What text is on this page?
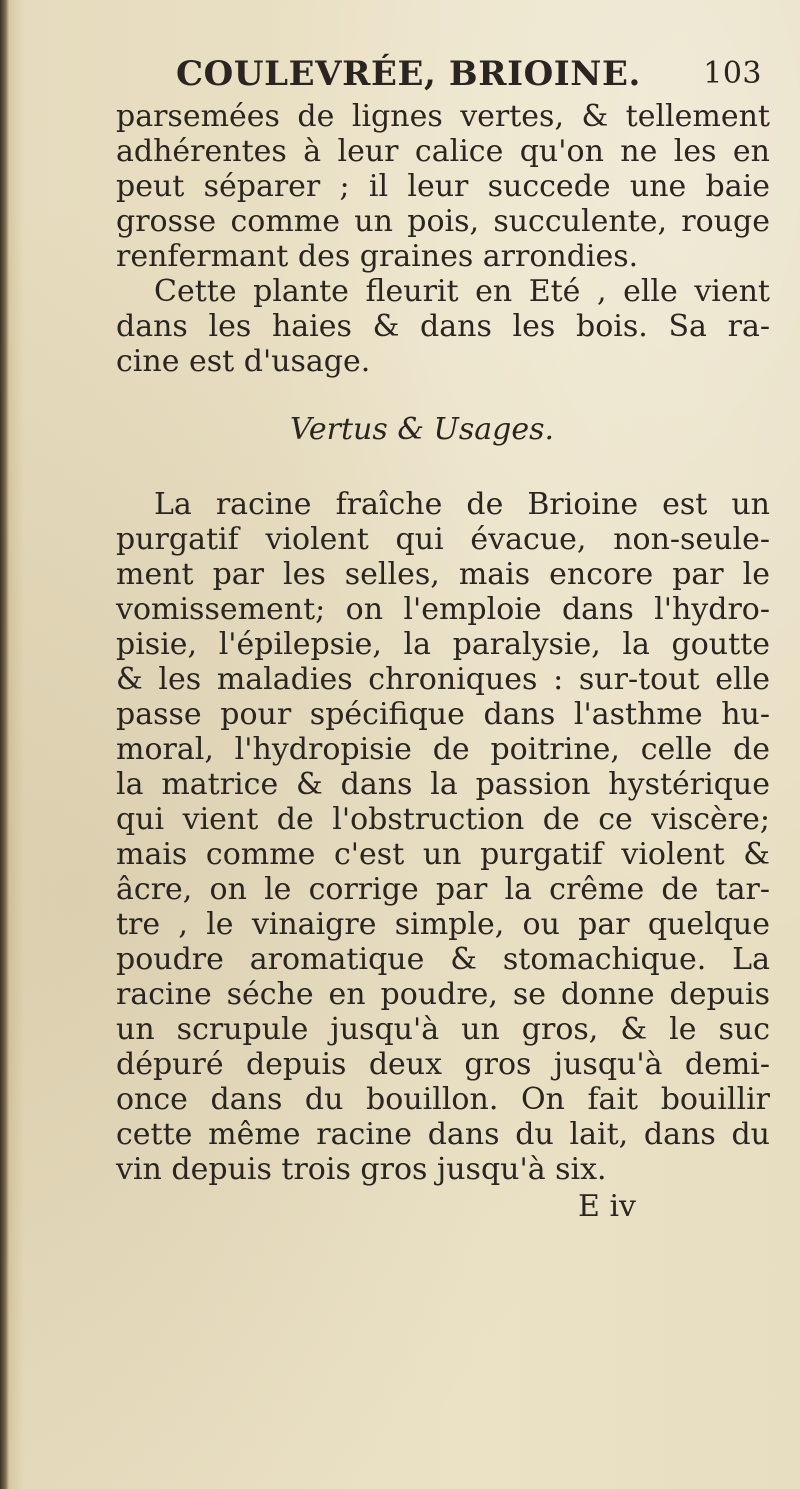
COULEVRÉE, BRIOINE. 103
parsemées de lignes vertes, & tellement
adhérentes à leur calice qu'on ne les en
peut séparer ; il leur succede une baie
grosse comme un pois, succulente, rouge
renfermant des graines arrondies.
Cette plante fleurit en Eté , elle vient
dans les haies & dans les bois. Sa ra-
cine est d'usage.
Vertus & Usages.
La racine fraîche de Brioine est un
purgatif violent qui évacue, non-seule-
ment par les selles, mais encore par le
vomissement; on l'emploie dans l'hydro-
pisie, l'épilepsie, la paralysie, la goutte
& les maladies chroniques : sur-tout elle
passe pour spécifique dans l'asthme hu-
moral, l'hydropisie de poitrine, celle de
la matrice & dans la passion hystérique
qui vient de l'obstruction de ce viscère;
mais comme c'est un purgatif violent &
âcre, on le corrige par la crême de tar-
tre , le vinaigre simple, ou par quelque
poudre aromatique & stomachique. La
racine séche en poudre, se donne depuis
un scrupule jusqu'à un gros, & le suc
dépuré depuis deux gros jusqu'à demi-
once dans du bouillon. On fait bouillir
cette même racine dans du lait, dans du
vin depuis trois gros jusqu'à six.
E iv
